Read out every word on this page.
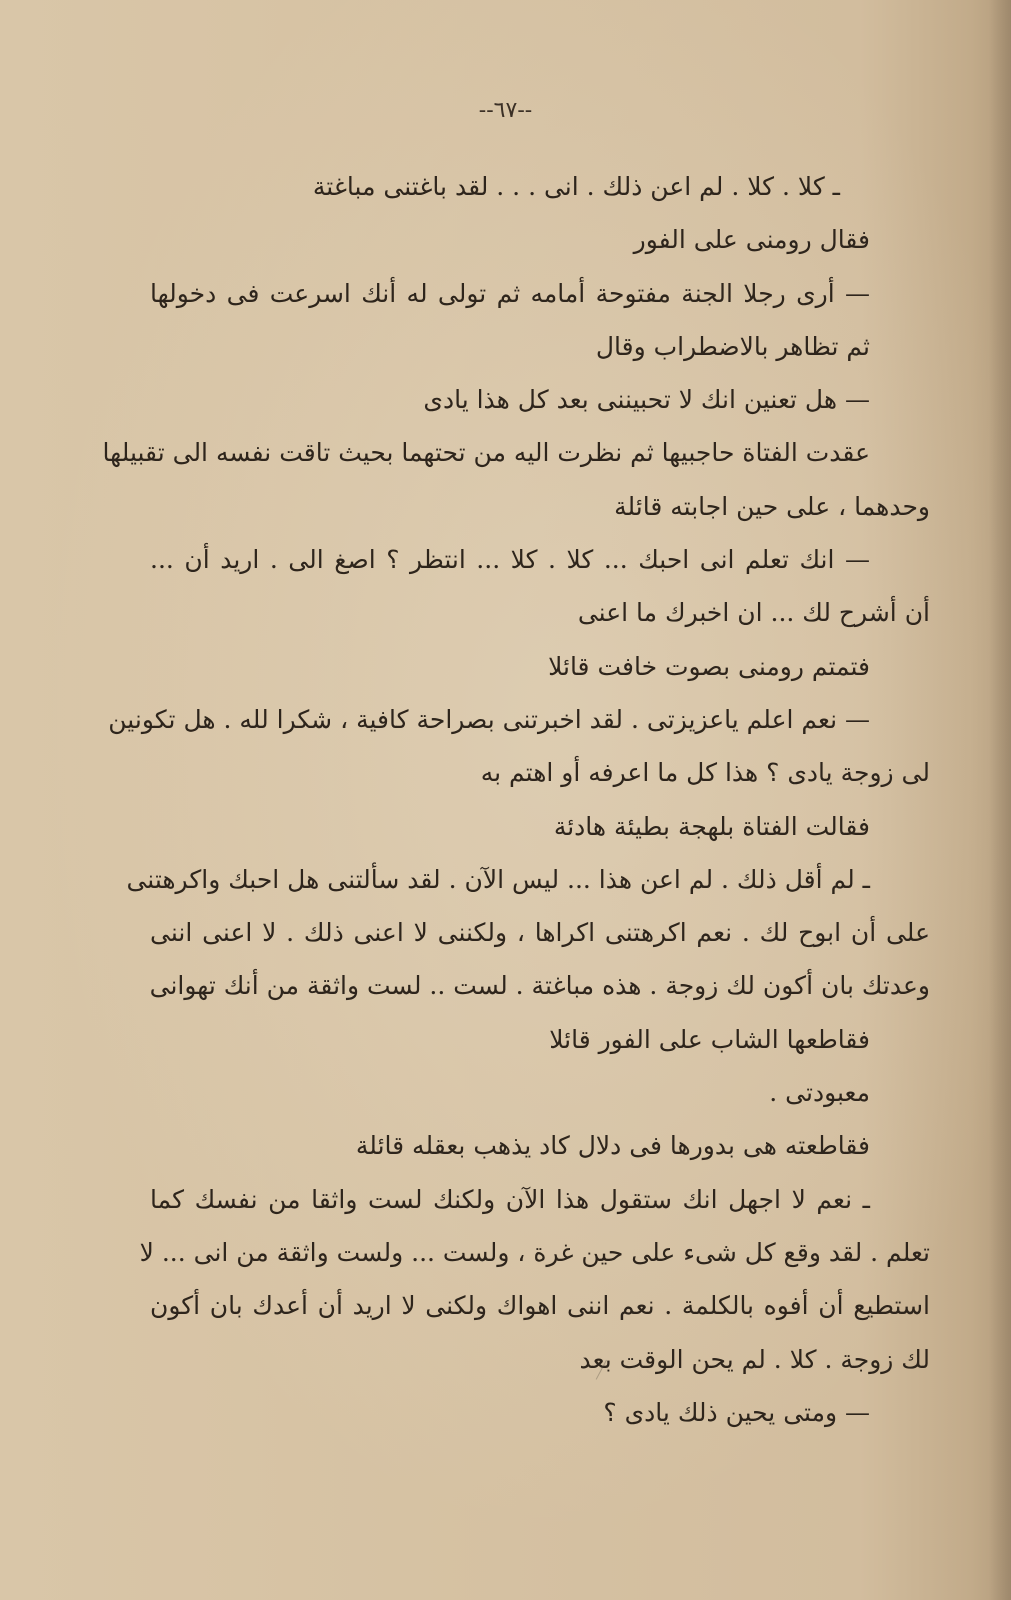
--٦٧--
ـ كلا . كلا . لم اعن ذلك . انى . . . لقد باغتنى مباغتة
فقال رومنى على الفور
— أرى رجلا الجنة مفتوحة أمامه ثم تولى له أنك اسرعت فى دخولها
ثم تظاهر بالاضطراب وقال
— هل تعنين انك لا تحبيننى بعد كل هذا يادى
عقدت الفتاة حاجبيها ثم نظرت اليه من تحتهما بحيث تاقت نفسه الى تقبيلها
وحدهما ، على حين اجابته قائلة
— انك تعلم انى احبك ... كلا . كلا ... انتظر ؟ اصغ الى . اريد أن ...
أن أشرح لك ... ان اخبرك ما اعنى
فتمتم رومنى بصوت خافت قائلا
— نعم اعلم ياعزيزتى . لقد اخبرتنى بصراحة كافية ، شكرا لله . هل تكونين
لى زوجة يادى ؟ هذا كل ما اعرفه أو اهتم به
فقالت الفتاة بلهجة بطيئة هادئة
ـ لم أقل ذلك . لم اعن هذا ... ليس الآن . لقد سألتنى هل احبك واكرهتنى
على أن ابوح لك . نعم اكرهتنى اكراها ، ولكننى لا اعنى ذلك . لا اعنى اننى
وعدتك بان أكون لك زوجة . هذه مباغتة . لست .. لست واثقة من أنك تهوانى
فقاطعها الشاب على الفور قائلا
معبودتى .
فقاطعته هى بدورها فى دلال كاد يذهب بعقله قائلة
ـ نعم لا اجهل انك ستقول هذا الآن ولكنك لست واثقا من نفسك كما
تعلم . لقد وقع كل شىء على حين غرة ، ولست ... ولست واثقة من انى ... لا
استطيع أن أفوه بالكلمة . نعم اننى اهواك ولكنى لا اريد أن أعدك بان أكون
لك زوجة . كلا . لم يحن الوقت بعد
— ومتى يحين ذلك يادى ؟
